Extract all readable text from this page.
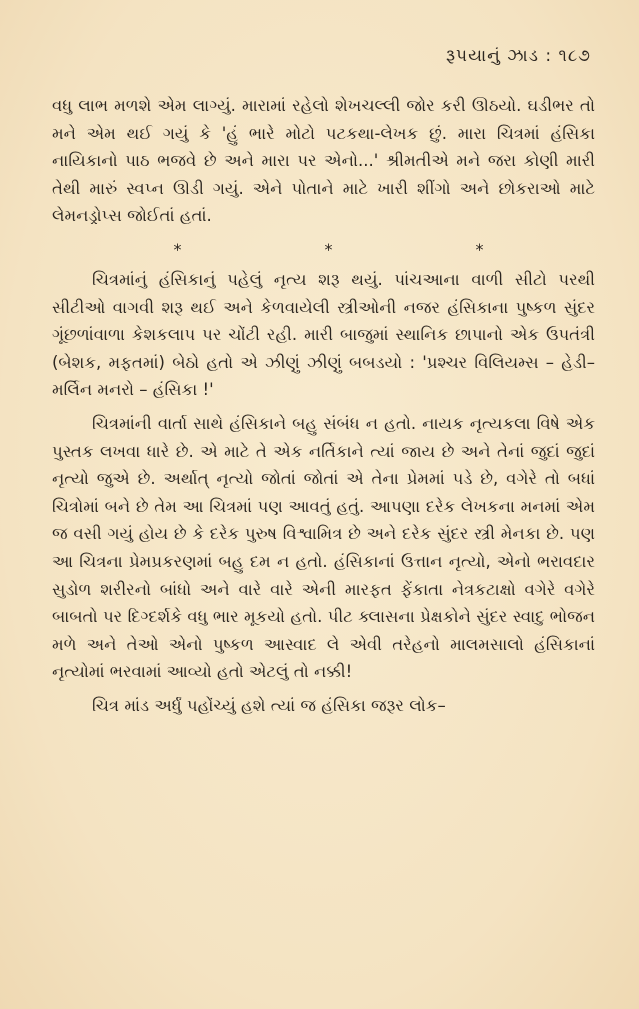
રૂપયાનું ઝાડ : ૧૮૭

વધુ લાભ મળશે એમ લાગ્યું. મારામાં રહેલો શેખચલ્લી જોર કરી ઊઠયો. ઘડીભર તો મને એમ થઈ ગયું કે 'હું ભારે મોટો પટકથા-લેખક છું. મારા ચિત્રમાં હંસિકા નાયિકાનો પાઠ ભજવે છે અને મારા પર એનો...' શ્રીમતીએ મને જરા કોણી મારી તેથી મારું સ્વપ્ન ઊડી ગયું. એને પોતાને માટે ખારી શીંગો અને છોકરાઓ માટે લેમનડ્રોપ્સ જોઈતાં હતાં.

*	*	*

ચિત્રમાંનું હંસિકાનું પહેલું નૃત્ય શરૂ થયું. પાંચઆના વાળી સીટો પરથી સીટીઓ વાગવી શરૂ થઈ અને કેળવાયેલી સ્ત્રીઓની નજર હંસિકાના પુષ્કળ સુંદર ગૂંછળાંવાળા કેશકલાપ પર ચોંટી રહી. મારી બાજુમાં સ્થાનિક છાપાનો એક ઉપતંત્રી (બેશક, મફતમાં) બેઠો હતો એ ઝીણું ઝીણું બબડયો : 'પ્રશ્ચર વિલિયમ્સ – હેડી–મર્લિન મનરો – હંસિકા !'

ચિત્રમાંની વાર્તા સાથે હંસિકાને બહુ સંબંધ ન હતો. નાયક નૃત્યકલા વિષે એક પુસ્તક લખવા ધારે છે. એ માટે તે એક નર્તિકાને ત્યાં જાય છે અને તેનાં જુદાં જુદાં નૃત્યો જુએ છે. અર્થાત્ નૃત્યો જોતાં જોતાં એ તેના પ્રેમમાં પડે છે, વગેરે તો બધાં ચિત્રોમાં બને છે તેમ આ ચિત્રમાં પણ આવતું હતું. આપણા દરેક લેખકના મનમાં એમ જ વસી ગયું હોય છે કે દરેક પુરુષ વિશ્વામિત્ર છે અને દરેક સુંદર સ્ત્રી મેનકા છે. પણ આ ચિત્રના પ્રેમપ્રકરણમાં બહુ દમ ન હતો. હંસિકાનાં ઉત્તાન નૃત્યો, એનો ભરાવદાર સુડોળ શરીરનો બાંધો અને વારે વારે એની મારફત ફેંકાતા નેત્રકટાક્ષો વગેરે વગેરે બાબતો પર દિગ્દર્શકે વધુ ભાર મૂકયો હતો. પીટ ક્લાસના પ્રેક્ષકોને સુંદર સ્વાદુ ભોજન મળે અને તેઓ એનો પુષ્કળ આસ્વાદ લે એવી તરેહનો માલમસાલો હંસિકાનાં નૃત્યોમાં ભરવામાં આવ્યો હતો એટલું તો નક્કી!

ચિત્ર માંડ અર્ધું પહોંચ્યું હશે ત્યાં જ હંસિકા જરૂર લોક–
